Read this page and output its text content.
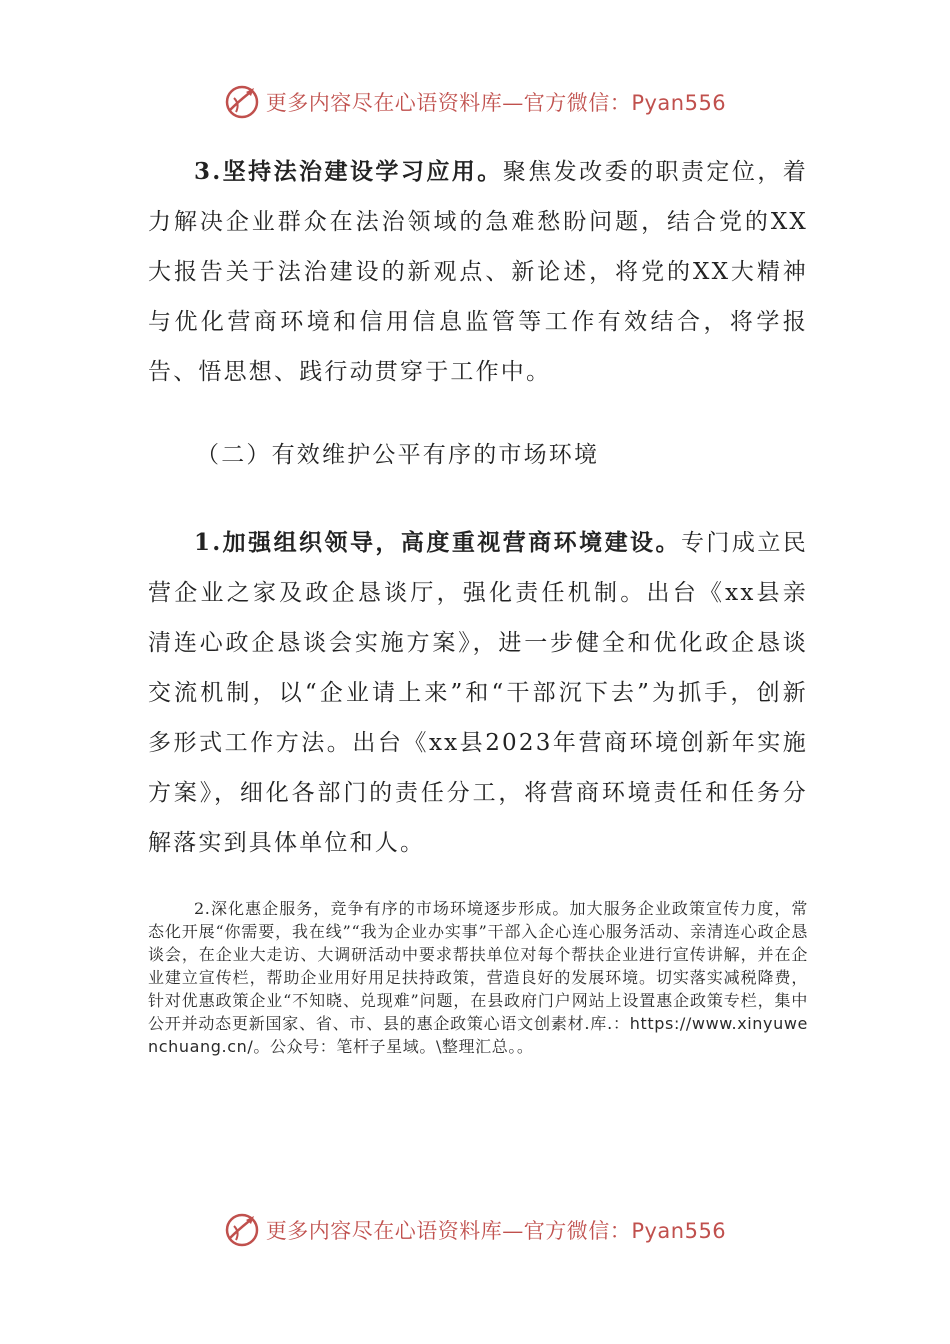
更多内容尽在心语资料库—官方微信：Pyan556
3.坚持法治建设学习应用。聚焦发改委的职责定位，着力解决企业群众在法治领域的急难愁盼问题，结合党的XX大报告关于法治建设的新观点、新论述，将党的XX大精神与优化营商环境和信用信息监管等工作有效结合，将学报告、悟思想、践行动贯穿于工作中。
（二）有效维护公平有序的市场环境
1.加强组织领导，高度重视营商环境建设。专门成立民营企业之家及政企恳谈厅，强化责任机制。出台《xx县亲清连心政企恳谈会实施方案》，进一步健全和优化政企恳谈交流机制，以“企业请上来”和“干部沉下去”为抓手，创新多形式工作方法。出台《xx县2023年营商环境创新年实施方案》，细化各部门的责任分工，将营商环境责任和任务分解落实到具体单位和人。
2.深化惠企服务，竞争有序的市场环境逐步形成。加大服务企业政策宣传力度，常态化开展“你需要，我在线”“我为企业办实事”干部入企心连心服务活动、亲清连心政企恳谈会，在企业大走访、大调研活动中要求帮扶单位对每个帮扶企业进行宣传讲解，并在企业建立宣传栏，帮助企业用好用足扶持政策，营造良好的发展环境。切实落实减税降费，针对优惠政策企业“不知晓、兑现难”问题，在县政府门户网站上设置惠企政策专栏，集中公开并动态更新国家、省、市、县的惠企政策心语文创素材.库.：https://www.xinyuwenchuang.cn/。公众号：笔杆子星域。\整理汇总。。
更多内容尽在心语资料库—官方微信：Pyan556
